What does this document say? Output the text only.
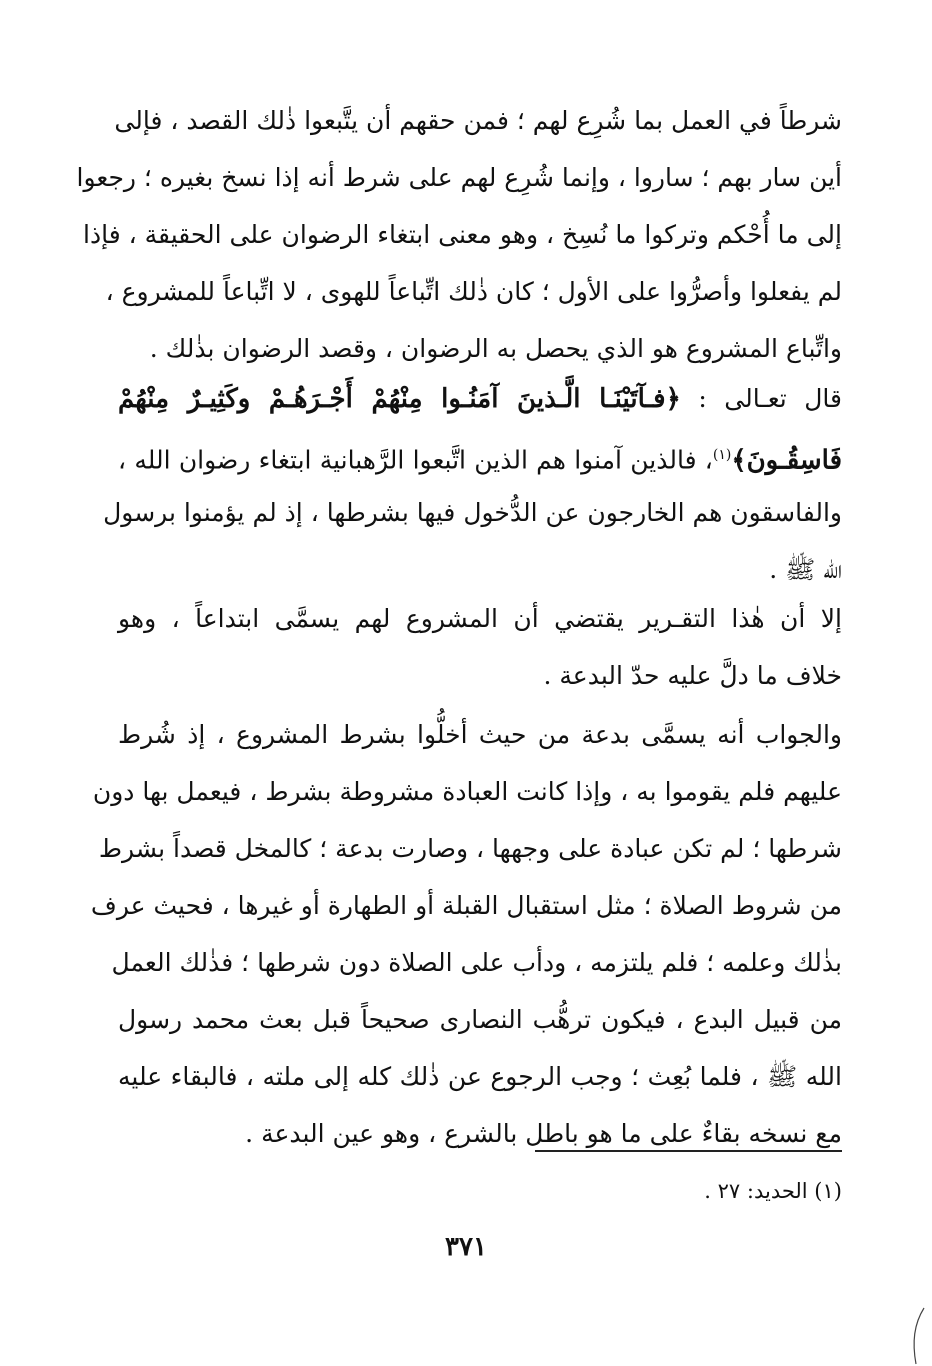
شرطاً في العمل بما شُرِع لهم ؛ فمن حقهم أن يتَّبعوا ذٰلك القصد ، فإلى
أين سار بهم ؛ ساروا ، وإنما شُرِع لهم على شرط أنه إذا نسخ بغيره ؛ رجعوا
إلى ما أُحْكم وتركوا ما نُسِخ ، وهو معنى ابتغاء الرضوان على الحقيقة ، فإذا
لم يفعلوا وأصرُّوا على الأول ؛ كان ذٰلك اتِّباعاً للهوى ، لا اتِّباعاً للمشروع ،
واتِّباع المشروع هو الذي يحصل به الرضوان ، وقصد الرضوان بذٰلك .
قال تعـالى : ﴿فـآتَيْنَـا الَّـذينَ آمَنُـوا مِنْهُمْ أَجْـرَهُـمْ وكَثِيـرٌ مِنْهُمْ
فَاسِقُـونَ﴾$^{(١)}$، فالذين آمنوا هم الذين اتَّبعوا الرَّهبانية ابتغاء رضوان الله ،
والفاسقون هم الخارجون عن الدُّخول فيها بشرطها ، إذ لم يؤمنوا برسول
الله ﷺ .
إلا أن هٰذا التقـرير يقتضي أن المشروع لهم يسمَّى ابتداعاً ، وهو
خلاف ما دلَّ عليه حدّ البدعة .
والجواب أنه يسمَّى بدعة من حيث أخلُّوا بشرط المشروع ، إذ شُرط
عليهم فلم يقوموا به ، وإذا كانت العبادة مشروطة بشرط ، فيعمل بها دون
شرطها ؛ لم تكن عبادة على وجهها ، وصارت بدعة ؛ كالمخل قصداً بشرط
من شروط الصلاة ؛ مثل استقبال القبلة أو الطهارة أو غيرها ، فحيث عرف
بذٰلك وعلمه ؛ فلم يلتزمه ، ودأب على الصلاة دون شرطها ؛ فذٰلك العمل
من قبيل البدع ، فيكون ترهُّب النصارى صحيحاً قبل بعث محمد رسول
الله ﷺ ، فلما بُعِث ؛ وجب الرجوع عن ذٰلك كله إلى ملته ، فالبقاء عليه
مع نسخه بقاءٌ على ما هو باطل بالشرع ، وهو عين البدعة .
(١) الحديد: ٢٧ .
٣٧١
